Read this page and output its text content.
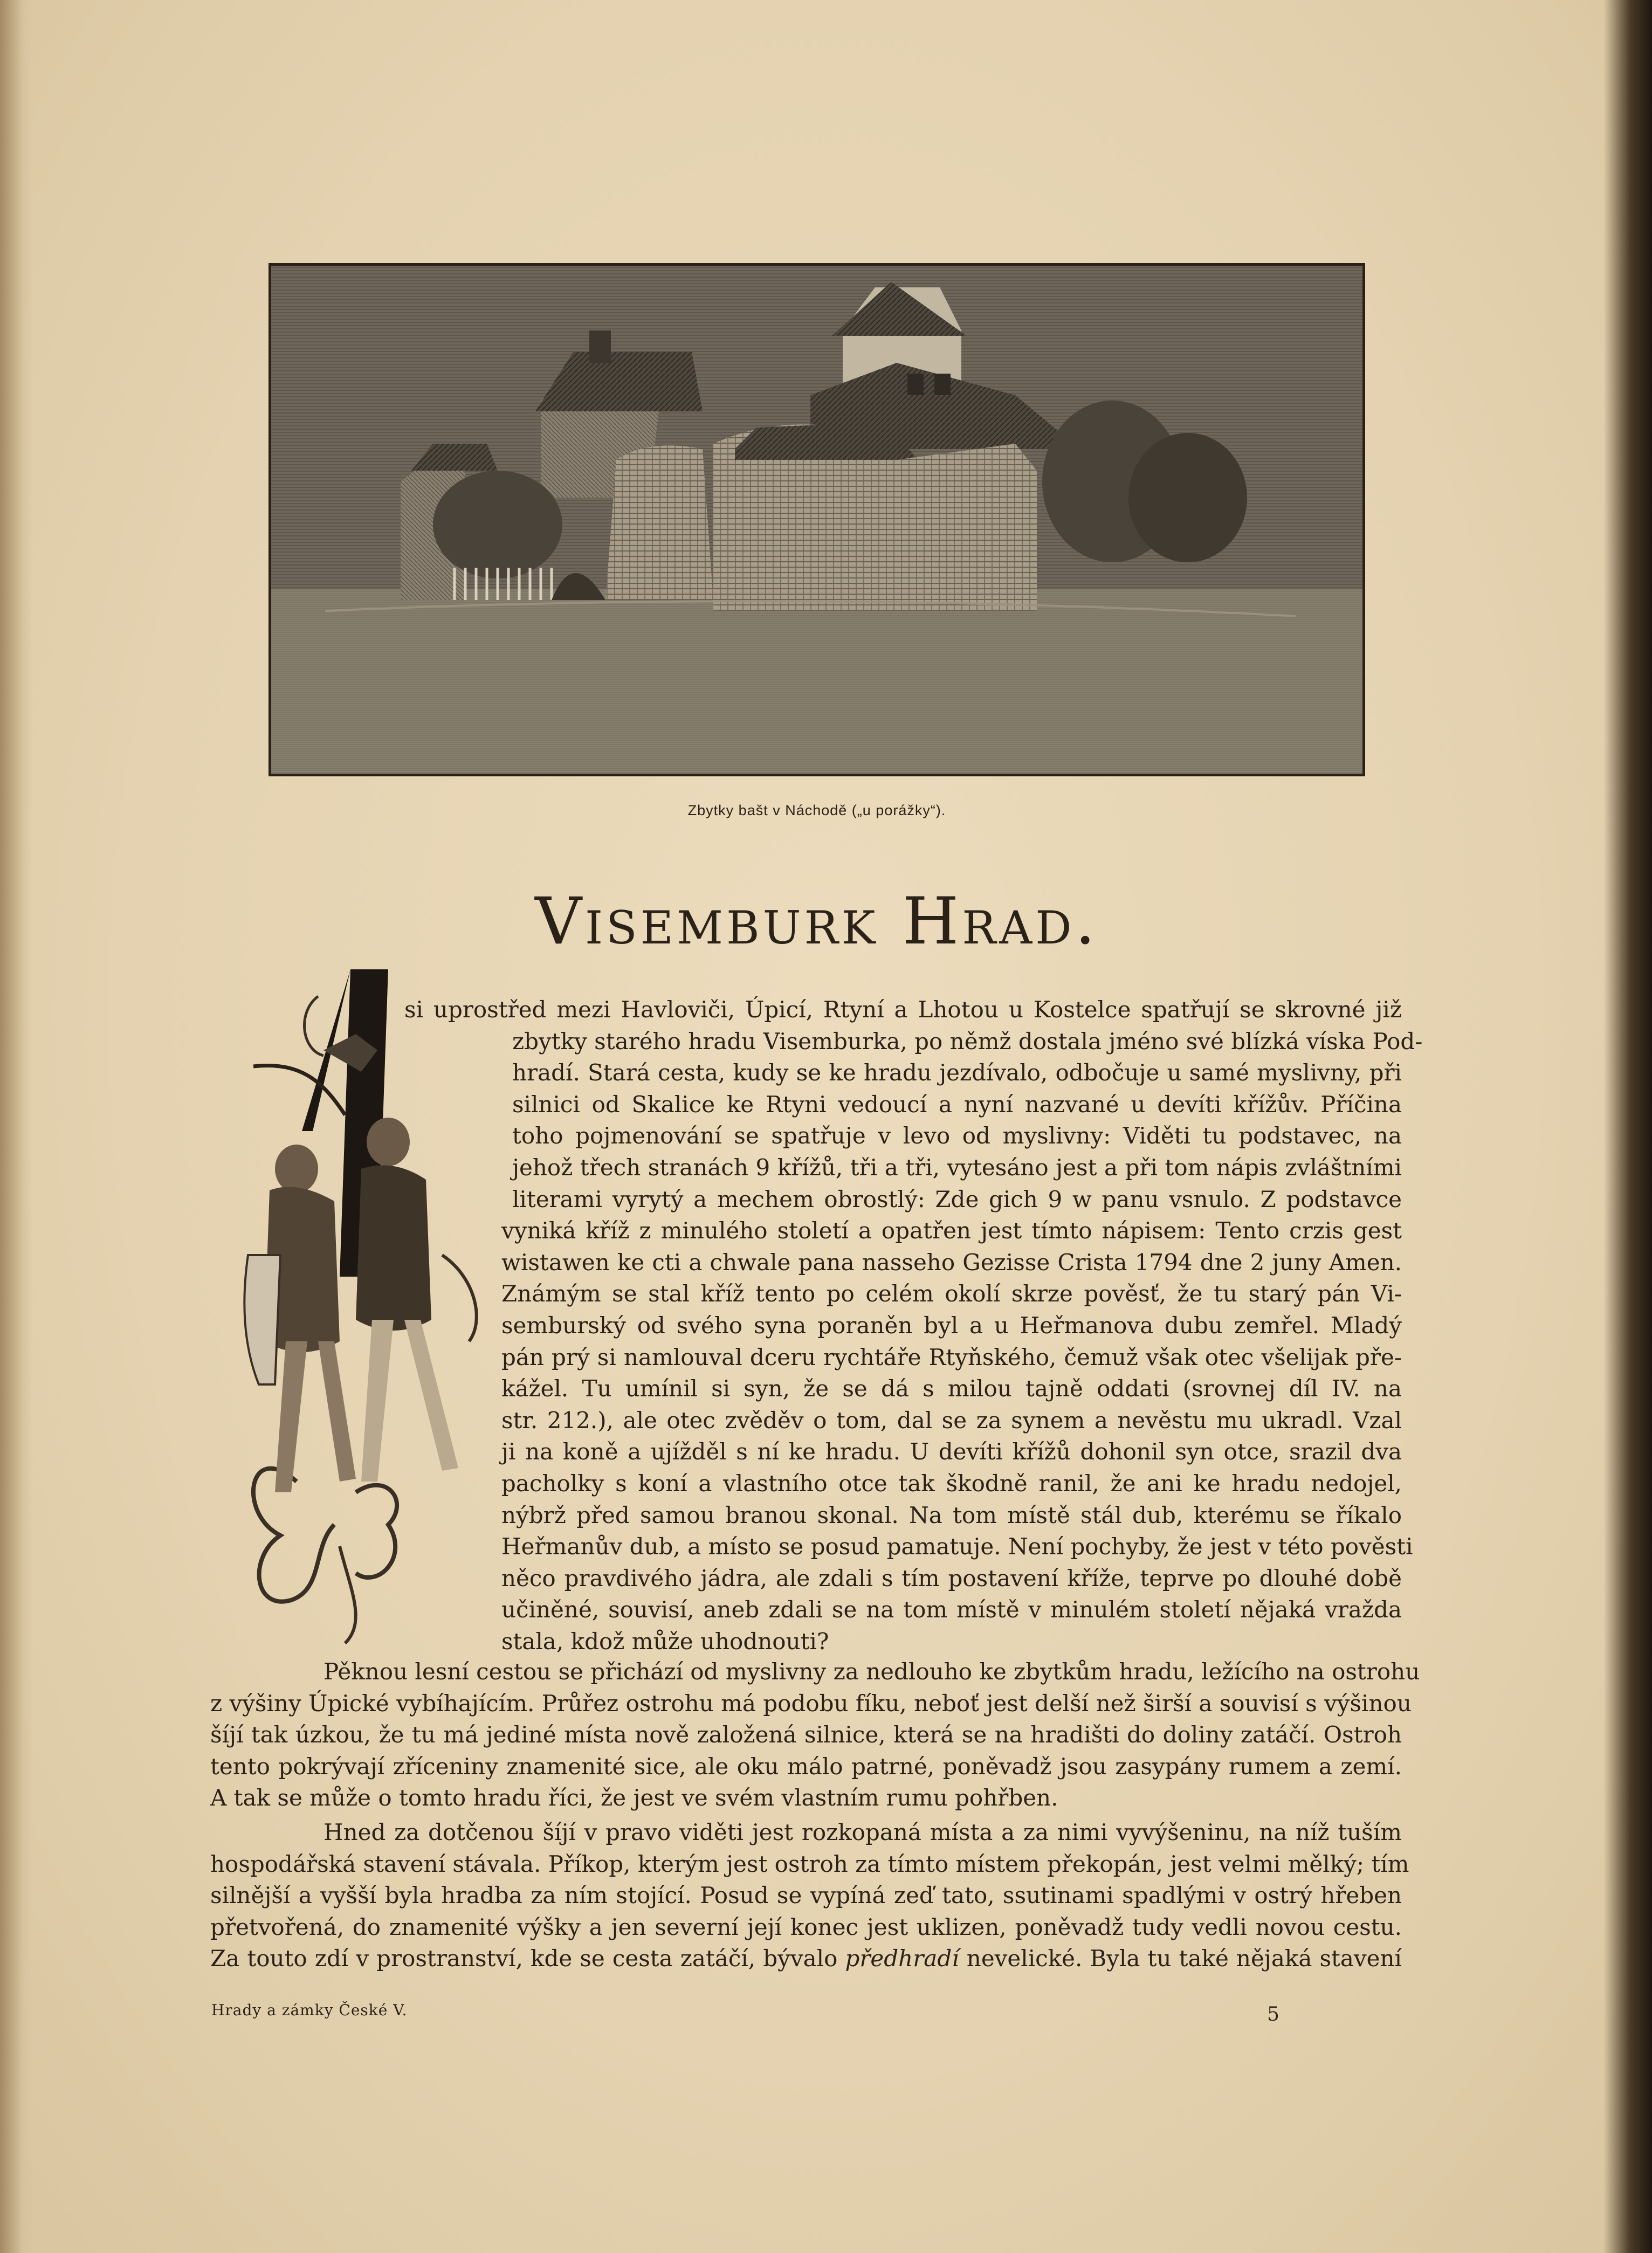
Zbytky bašt v Náchodě („u porážky“).
Visemburk Hrad.
si uprostřed mezi Havloviči, Úpicí, Rtyní a Lhotou u Kostelce spatřují se skrovné již
zbytky starého hradu Visemburka, po němž dostala jméno své blízká víska Pod-
hradí. Stará cesta, kudy se ke hradu jezdívalo, odbočuje u samé myslivny, při
silnici od Skalice ke Rtyni vedoucí a nyní nazvané u devíti křížův. Příčina
toho pojmenování se spatřuje v levo od myslivny: Viděti tu podstavec, na
jehož třech stranách 9 křížů, tři a tři, vytesáno jest a při tom nápis zvláštními
literami vyrytý a mechem obrostlý: Zde gich 9 w panu vsnulo. Z podstavce
vyniká kříž z minulého století a opatřen jest tímto nápisem: Tento crzis gest
wistawen ke cti a chwale pana nasseho Gezisse Crista 1794 dne 2 juny Amen.
Známým se stal kříž tento po celém okolí skrze pověsť, že tu starý pán Vi-
semburský od svého syna poraněn byl a u Heřmanova dubu zemřel. Mladý
pán prý si namlouval dceru rychtáře Rtyňského, čemuž však otec všelijak pře-
kážel. Tu umínil si syn, že se dá s milou tajně oddati (srovnej díl IV. na
str. 212.), ale otec zvěděv o tom, dal se za synem a nevěstu mu ukradl. Vzal
ji na koně a ujížděl s ní ke hradu. U devíti křížů dohonil syn otce, srazil dva
pacholky s koní a vlastního otce tak škodně ranil, že ani ke hradu nedojel,
nýbrž před samou branou skonal. Na tom místě stál dub, kterému se říkalo
Heřmanův dub, a místo se posud pamatuje. Není pochyby, že jest v této pověsti
něco pravdivého jádra, ale zdali s tím postavení kříže, teprve po dlouhé době
učiněné, souvisí, aneb zdali se na tom místě v minulém století nějaká vražda
stala, kdož může uhodnouti?
Pěknou lesní cestou se přichází od myslivny za nedlouho ke zbytkům hradu, ležícího na ostrohu
z výšiny Úpické vybíhajícím. Průřez ostrohu má podobu fíku, neboť jest delší než širší a souvisí s výšinou
šíjí tak úzkou, že tu má jediné místa nově založená silnice, která se na hradišti do doliny zatáčí. Ostroh
tento pokrývají zříceniny znamenité sice, ale oku málo patrné, poněvadž jsou zasypány rumem a zemí.
A tak se může o tomto hradu říci, že jest ve svém vlastním rumu pohřben.
Hned za dotčenou šíjí v pravo viděti jest rozkopaná místa a za nimi vyvýšeninu, na níž tuším
hospodářská stavení stávala. Příkop, kterým jest ostroh za tímto místem překopán, jest velmi mělký; tím
silnější a vyšší byla hradba za ním stojící. Posud se vypíná zeď tato, ssutinami spadlými v ostrý hřeben
přetvořená, do znamenité výšky a jen severní její konec jest uklizen, poněvadž tudy vedli novou cestu.
Za touto zdí v prostranství, kde se cesta zatáčí, bývalo předhradí nevelické. Byla tu také nějaká stavení
Hrady a zámky České V.	5
